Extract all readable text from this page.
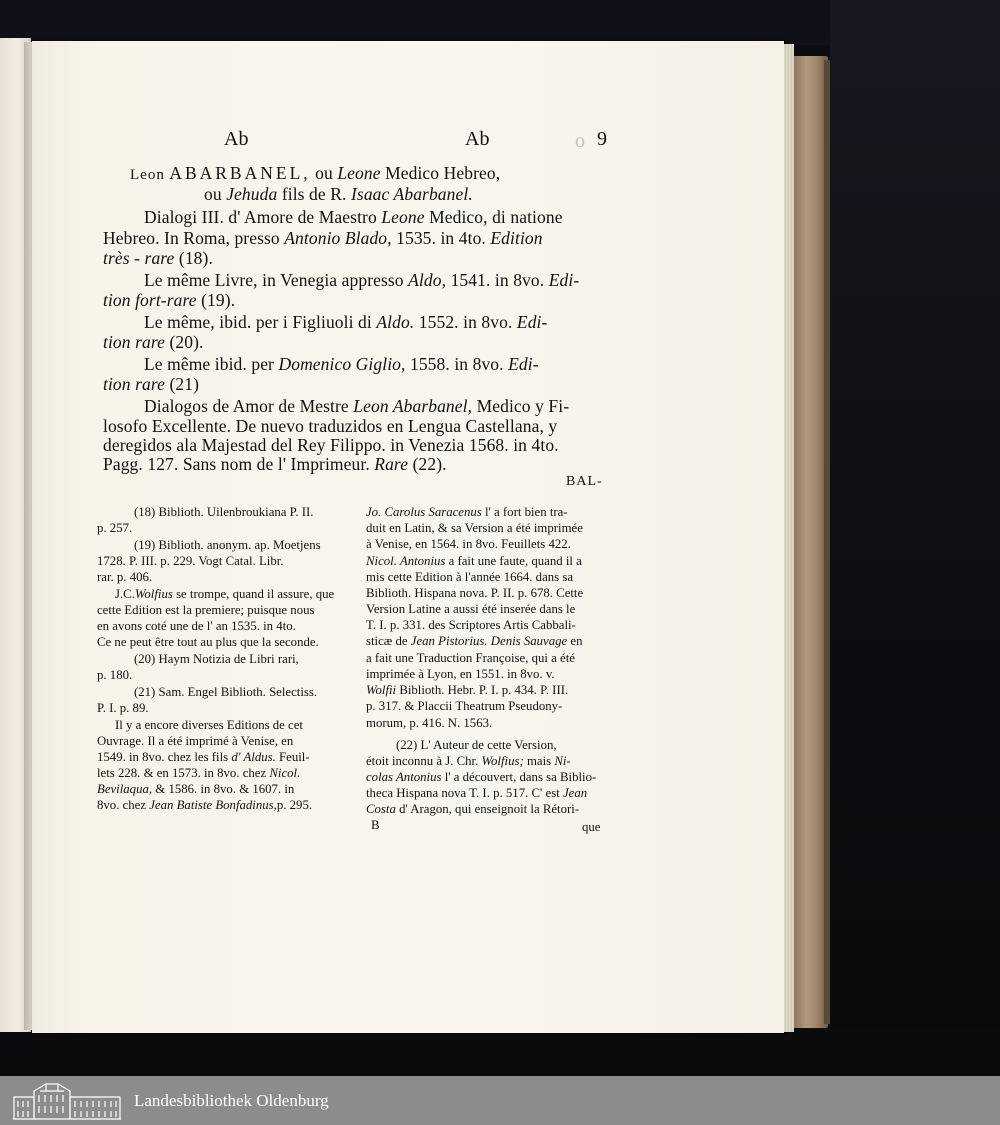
Ab	Ab	o 9
Leon ABARBANEL, ou Leone Medico Hebreo,
ou Jehuda fils de R. Isaac Abarbanel.
Dialogi III. d' Amore de Maestro Leone Medico, di natione
Hebreo. In Roma, presso Antonio Blado, 1535. in 4to. Edition
très - rare (18).
Le même Livre, in Venegia appresso Aldo, 1541. in 8vo. Edi-
tion fort-rare (19).
Le même, ibid. per i Figliuoli di Aldo. 1552. in 8vo. Edi-
tion rare (20).
Le même ibid. per Domenico Giglio, 1558. in 8vo. Edi-
tion rare (21)
Dialogos de Amor de Mestre Leon Abarbanel, Medico y Fi-
losofo Excellente. De nuevo traduzidos en Lengua Castellana, y
deregidos ala Majestad del Rey Filippo. in Venezia 1568. in 4to.
Pagg. 127. Sans nom de l' Imprimeur. Rare (22).
BAL-
(18) Biblioth. Uilenbroukiana P. II.
p. 257.
(19) Biblioth. anonym. ap. Moetjens
1728. P. III. p. 229. Vogt Catal. Libr.
rar. p. 406.
J.C.Wolfius se trompe, quand il assure, que
cette Edition est la premiere; puisque nous
en avons coté une de l' an 1535. in 4to.
Ce ne peut être tout au plus que la seconde.
(20) Haym Notizia de Libri rari,
p. 180.
(21) Sam. Engel Biblioth. Selectiss.
P. I. p. 89.
Il y a encore diverses Editions de cet
Ouvrage. Il a été imprimé à Venise, en
1549. in 8vo. chez les fils d' Aldus. Feuil-
lets 228. & en 1573. in 8vo. chez Nicol.
Bevilaqua, & 1586. in 8vo. & 1607. in
8vo. chez Jean Batiste Bonfadinus,p. 295.
Jo. Carolus Saracenus l' a fort bien tra-
duit en Latin, & sa Version a été imprimée
à Venise, en 1564. in 8vo. Feuillets 422.
Nicol. Antonius a fait une faute, quand il a
mis cette Edition à l'année 1664. dans sa
Biblioth. Hispana nova. P. II. p. 678. Cette
Version Latine a aussi été inserée dans le
T. I. p. 331. des Scriptores Artis Cabbali-
sticæ de Jean Pistorius. Denis Sauvage en
a fait une Traduction Françoise, qui a été
imprimée à Lyon, en 1551. in 8vo. v.
Wolfii Biblioth. Hebr. P. I. p. 434. P. III.
p. 317. & Placcii Theatrum Pseudony-
morum, p. 416. N. 1563.
(22) L' Auteur de cette Version,
étoit inconnu à J. Chr. Wolfius; mais Ni-
colas Antonius l' a découvert, dans sa Biblio-
theca Hispana nova T. I. p. 517. C' est Jean
Costa d' Aragon, qui enseignoit la Rétori-
B	que
Landesbibliothek Oldenburg
